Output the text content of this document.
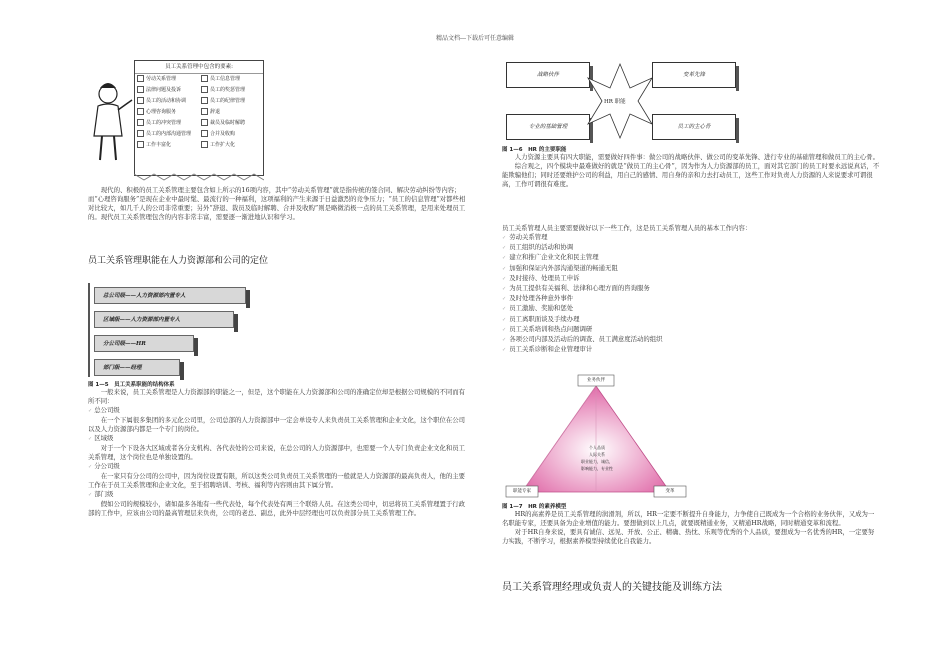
精品文档---下载后可任意编辑
员工关系管理中包含的要素:
劳动关系管理
法律问题及投诉
员工的活动和协调
心理咨询服务
员工的冲突管理
员工的内部沟通管理
工作丰富化
员工信息管理
员工的奖惩管理
员工的纪律管理
辞退
裁员及临时解聘
合并及收购
工作扩大化

现代的、积极的员工关系管理主要包含如上所示的16项内容，其中“劳动关系管理”就是指传统的签合同、解决劳动纠纷等内容；而“心理咨询服务”是现在企业中最时髦、最流行的一种福利，这项福利的产生来源于日益激烈的竞争压力；“员工的信息管理”对都些相对比较大，如几千人的公司非常重要；另外“辞退、裁员及临时解聘、合并及收购”则是略微消极一点的员工关系管理，是用来处理员工的。现代员工关系管理包含的内容非常丰富，需要逐一渐进地认识和学习。

员工关系管理职能在人力资源部和公司的定位
总公司级——人力资源部内置专人
区域级——人力资源部内置专人
分公司级——HR
部门级——经理
图 1—5　员工关系职能的结构体系

一般来说，员工关系管理是人力资源部的职能之一，但是，这个职能在人力资源部和公司的准确定位却是根据公司规模的不同而有所不同：

✓ 总公司级

在一个下属很多集团的多元化公司里，公司总部的人力资源部中一定会单设专人来负责员工关系管理和企业文化，这个职位在公司以及人力资源部内都是一个专门的岗位。

✓ 区域级

对于一个下设各大区域或者各分支机构、各代表处的公司来说，在总公司的人力资源部中，也需要一个人专门负责企业文化和员工关系管理，这个岗位也是单独设置的。

✓ 分公司级

在一家只有分公司的公司中，因为岗位设置有限，所以这类公司负责员工关系管理的一般就是人力资源部的最高负责人，他的主要工作在于员工关系管理和企业文化，至于招聘培训、考核、福利等内容则由其下属分管。

✓ 部门级

假如公司的规模较小，诸如最多各地有一些代表处，每个代表处有两三个联络人员。在这类公司中，切忌将员工关系管理置于行政部的工作中，应该由公司的最高管理层来负责，公司的老总、副总，此外中层经理也可以负责部分员工关系管理工作。

战略伙伴	变革先锋
专业的基础管理	员工的主心骨
HR 职能
图 1—6　HR 的主要职能

人力资源主要具有四大职能，需要做好四件事：做公司的战略伙伴、做公司的变革先锋、进行专业的基础管理和做员工的主心骨。

综合观之，四个模块中最难做好的就是“做员工的主心骨”，因为作为人力资源部的员工，面对其它部门的员工时要永远说真话，不能欺骗他们；同时还要维护公司的利益，用自己的感情、用自身的亲和力去打动员工，这些工作对负责人力资源的人来说要求可谓很高，工作可谓很有难度。

员工关系管理人员主要需要做好以下一些工作，这是员工关系管理人员的基本工作内容：

✓ 劳动关系管理
✓ 员工组织的活动和协调
✓ 建立和推广企业文化和民主管理
✓ 加强和保证内外部沟通渠道的畅通无阻
✓ 及时接待、处理员工申诉
✓ 为员工提供有关福利、法律和心理方面的咨询服务
✓ 及时处理各种意外事件
✓ 员工激励、奖励和惩处
✓ 员工离职面谈及手续办理
✓ 员工关系培训和热点问题调研
✓ 各项公司内部及活动后的调查、员工满意度活动的组织
✓ 员工关系诊断和企业管理审计
业务伙伴
职能专家	变革
个人品质
人际关系
职业能力，诚信，
影响能力，专业性
图 1—7　HR 的素养模型

HR的高素养是员工关系管理的润滑剂，所以，HR一定要不断提升自身能力，力争使自己既成为一个合格的业务伙伴，又成为一名职能专家，还要具备为企业增值的能力。要想做到以上几点，就要既精通业务，又精通HR战略，同时精通变革和流程。

对于HR自身来说，要具有诚信、远见、开放、公正、精确、热忱、乐观等优秀的个人品质，要想成为一名优秀的HR，一定要努力实践，不断学习，根据素养模型持续优化自我能力。

员工关系管理经理或负责人的关键技能及训练方法
